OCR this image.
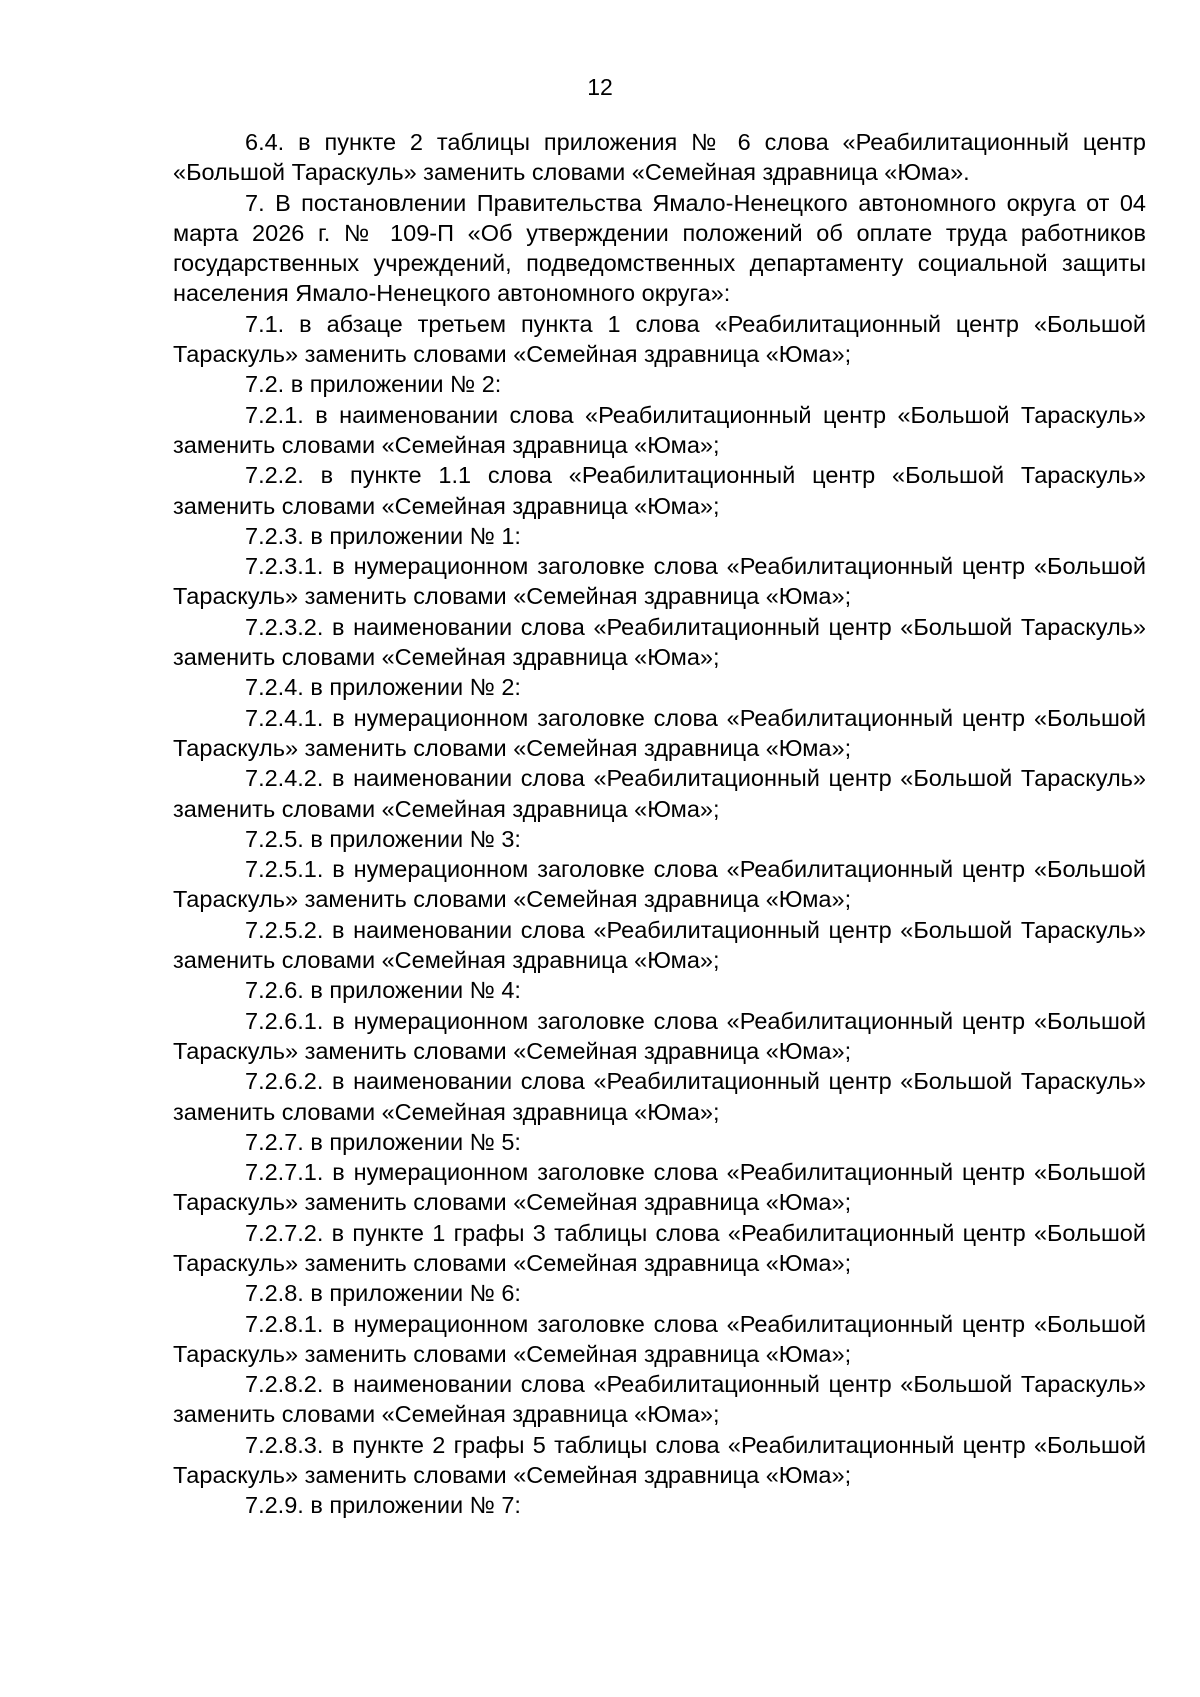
12

6.4. в пункте 2 таблицы приложения № 6 слова «Реабилитационный центр «Большой Тараскуль» заменить словами «Семейная здравница «Юма».

7. В постановлении Правительства Ямало-Ненецкого автономного округа от 04 марта 2026 г. № 109-П «Об утверждении положений об оплате труда работников государственных учреждений, подведомственных департаменту социальной защиты населения Ямало-Ненецкого автономного округа»:

7.1. в абзаце третьем пункта 1 слова «Реабилитационный центр «Большой Тараскуль» заменить словами «Семейная здравница «Юма»;

7.2. в приложении № 2:

7.2.1. в наименовании слова «Реабилитационный центр «Большой Тараскуль» заменить словами «Семейная здравница «Юма»;

7.2.2. в пункте 1.1 слова «Реабилитационный центр «Большой Тараскуль» заменить словами «Семейная здравница «Юма»;

7.2.3. в приложении № 1:

7.2.3.1. в нумерационном заголовке слова «Реабилитационный центр «Большой Тараскуль» заменить словами «Семейная здравница «Юма»;

7.2.3.2. в наименовании слова «Реабилитационный центр «Большой Тараскуль» заменить словами «Семейная здравница «Юма»;

7.2.4. в приложении № 2:

7.2.4.1. в нумерационном заголовке слова «Реабилитационный центр «Большой Тараскуль» заменить словами «Семейная здравница «Юма»;

7.2.4.2. в наименовании слова «Реабилитационный центр «Большой Тараскуль» заменить словами «Семейная здравница «Юма»;

7.2.5. в приложении № 3:

7.2.5.1. в нумерационном заголовке слова «Реабилитационный центр «Большой Тараскуль» заменить словами «Семейная здравница «Юма»;

7.2.5.2. в наименовании слова «Реабилитационный центр «Большой Тараскуль» заменить словами «Семейная здравница «Юма»;

7.2.6. в приложении № 4:

7.2.6.1. в нумерационном заголовке слова «Реабилитационный центр «Большой Тараскуль» заменить словами «Семейная здравница «Юма»;

7.2.6.2. в наименовании слова «Реабилитационный центр «Большой Тараскуль» заменить словами «Семейная здравница «Юма»;

7.2.7. в приложении № 5:

7.2.7.1. в нумерационном заголовке слова «Реабилитационный центр «Большой Тараскуль» заменить словами «Семейная здравница «Юма»;

7.2.7.2. в пункте 1 графы 3 таблицы слова «Реабилитационный центр «Большой Тараскуль» заменить словами «Семейная здравница «Юма»;

7.2.8. в приложении № 6:

7.2.8.1. в нумерационном заголовке слова «Реабилитационный центр «Большой Тараскуль» заменить словами «Семейная здравница «Юма»;

7.2.8.2. в наименовании слова «Реабилитационный центр «Большой Тараскуль» заменить словами «Семейная здравница «Юма»;

7.2.8.3. в пункте 2 графы 5 таблицы слова «Реабилитационный центр «Большой Тараскуль» заменить словами «Семейная здравница «Юма»;

7.2.9. в приложении № 7:
